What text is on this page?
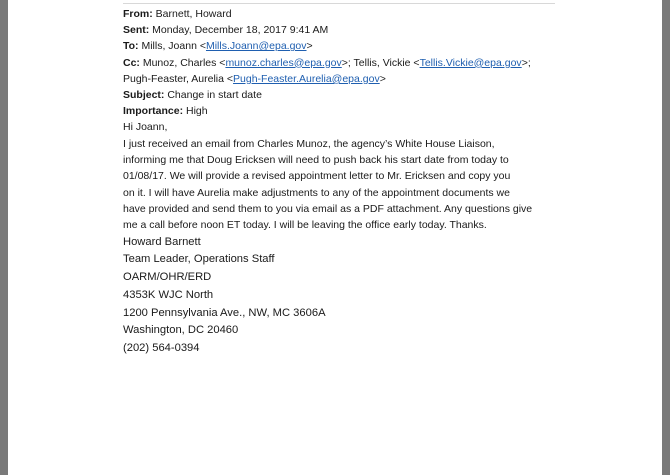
From: Barnett, Howard
Sent: Monday, December 18, 2017 9:41 AM
To: Mills, Joann <Mills.Joann@epa.gov>
Cc: Munoz, Charles <munoz.charles@epa.gov>; Tellis, Vickie <Tellis.Vickie@epa.gov>;
Pugh-Feaster, Aurelia <Pugh-Feaster.Aurelia@epa.gov>
Subject: Change in start date
Importance: High

Hi Joann,

I just received an email from Charles Munoz, the agency’s White House Liaison,

informing me that Doug Ericksen will need to push back his start date from today to

01/08/17. We will provide a revised appointment letter to Mr. Ericksen and copy you

on it. I will have Aurelia make adjustments to any of the appointment documents we

have provided and send them to you via email as a PDF attachment. Any questions give

me a call before noon ET today. I will be leaving the office early today. Thanks.

Howard Barnett
Team Leader, Operations Staff
OARM/OHR/ERD
4353K WJC North
1200 Pennsylvania Ave., NW, MC 3606A
Washington, DC 20460
(202) 564-0394
